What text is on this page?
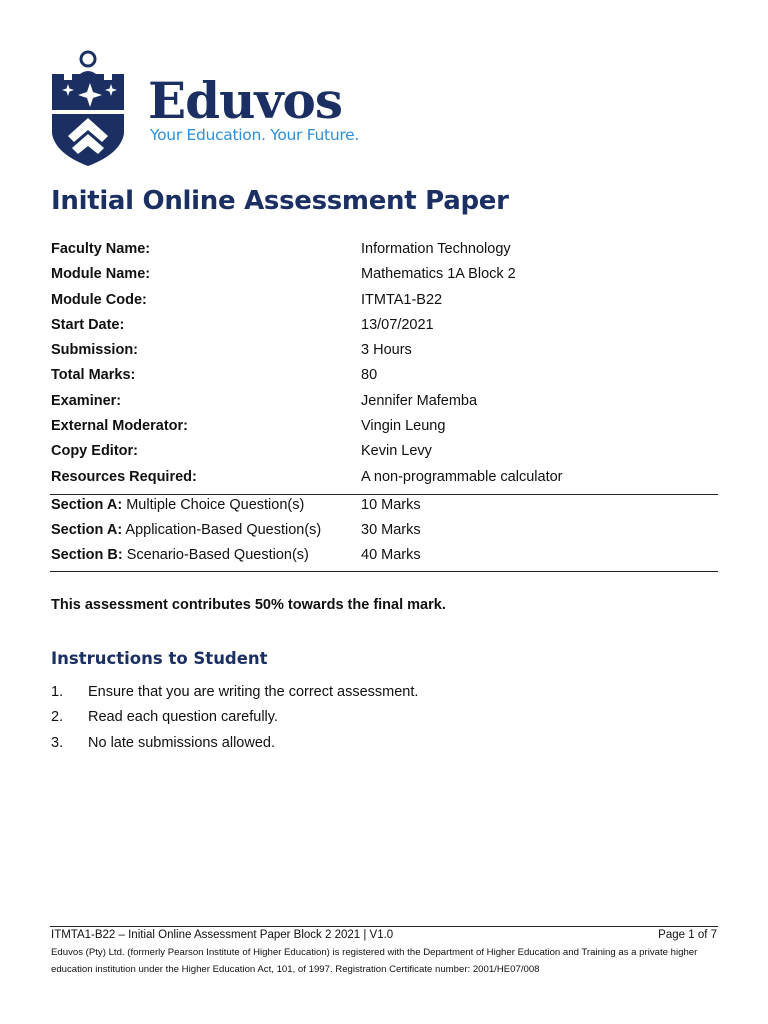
Eduvos
Your Education. Your Future.
Initial Online Assessment Paper
Faculty Name:	Information Technology
Module Name:	Mathematics 1A Block 2
Module Code:	ITMTA1-B22
Start Date:	13/07/2021
Submission:	3 Hours
Total Marks:	80
Examiner:	Jennifer Mafemba
External Moderator:	Vingin Leung
Copy Editor:	Kevin Levy
Resources Required:	A non-programmable calculator
Section A: Multiple Choice Question(s)	10 Marks
Section A: Application-Based Question(s)	30 Marks
Section B: Scenario-Based Question(s)	40 Marks

This assessment contributes 50% towards the final mark.

Instructions to Student
1. Ensure that you are writing the correct assessment.
2. Read each question carefully.
3. No late submissions allowed.
ITMTA1-B22 – Initial Online Assessment Paper Block 2 2021 | V1.0	Page 1 of 7

Eduvos (Pty) Ltd. (formerly Pearson Institute of Higher Education) is registered with the Department of Higher Education and Training as a private higher education institution under the Higher Education Act, 101, of 1997. Registration Certificate number: 2001/HE07/008
